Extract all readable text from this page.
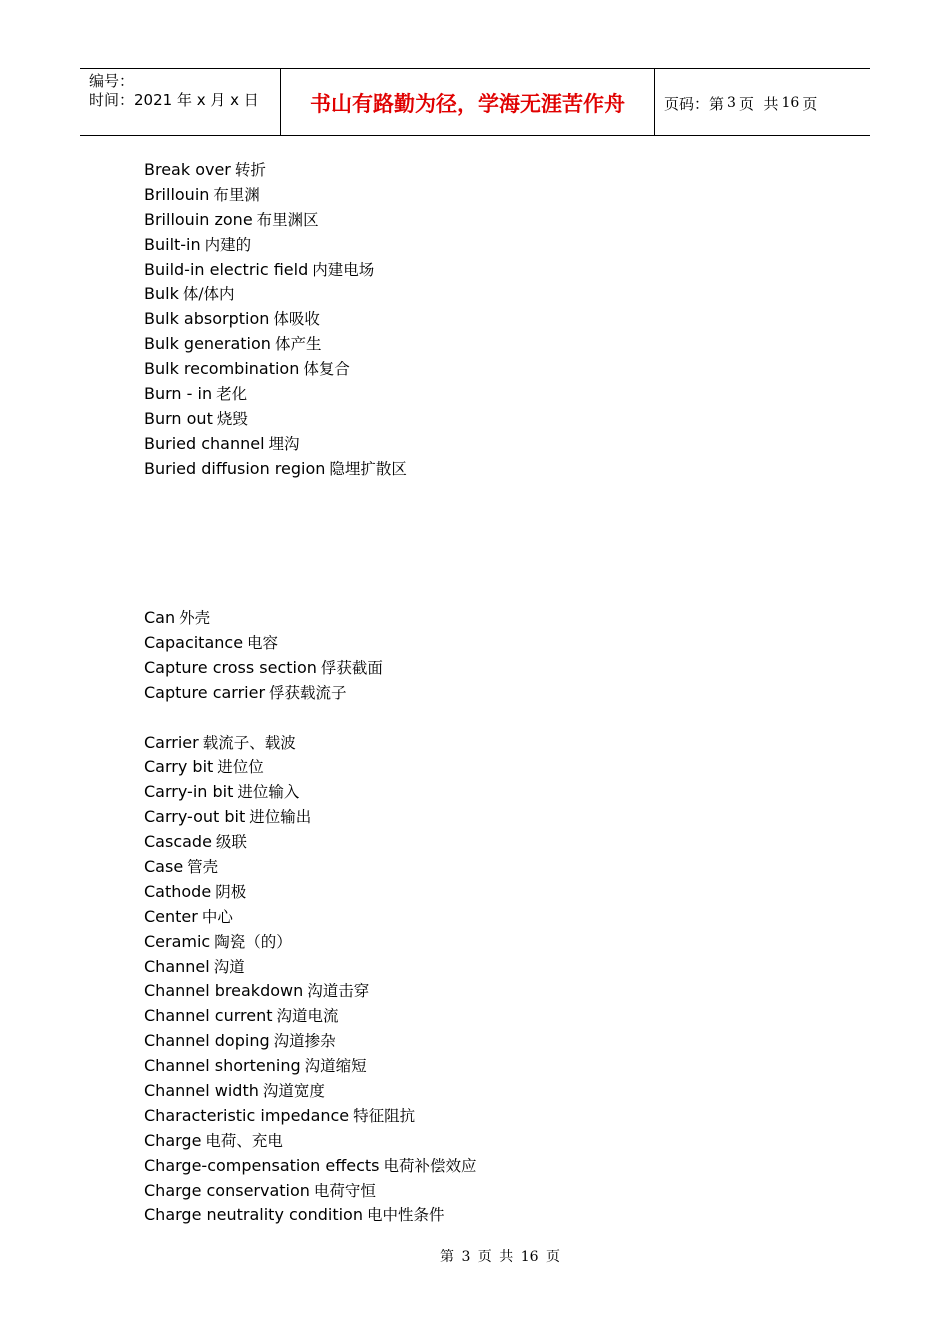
编号：
时间：2021 年 x 月 x 日	书山有路勤为径，学海无涯苦作舟	页码：第 3 页  共 16 页
Break over 转折
Brillouin 布里渊
Brillouin zone 布里渊区
Built-in 内建的
Build-in electric field 内建电场
Bulk 体/体内
Bulk absorption 体吸收
Bulk generation 体产生
Bulk recombination 体复合
Burn - in 老化
Burn out 烧毁
Buried channel 埋沟
Buried diffusion region 隐埋扩散区
Can 外壳
Capacitance 电容
Capture cross section 俘获截面
Capture carrier 俘获载流子
Carrier 载流子、载波
Carry bit 进位位
Carry-in bit 进位输入
Carry-out bit 进位输出
Cascade 级联
Case 管壳
Cathode 阴极
Center 中心
Ceramic 陶瓷（的）
Channel 沟道
Channel breakdown 沟道击穿
Channel current 沟道电流
Channel doping 沟道掺杂
Channel shortening 沟道缩短
Channel width 沟道宽度
Characteristic impedance 特征阻抗
Charge 电荷、充电
Charge-compensation effects 电荷补偿效应
Charge conservation 电荷守恒
Charge neutrality condition 电中性条件
第 3 页 共 16 页
